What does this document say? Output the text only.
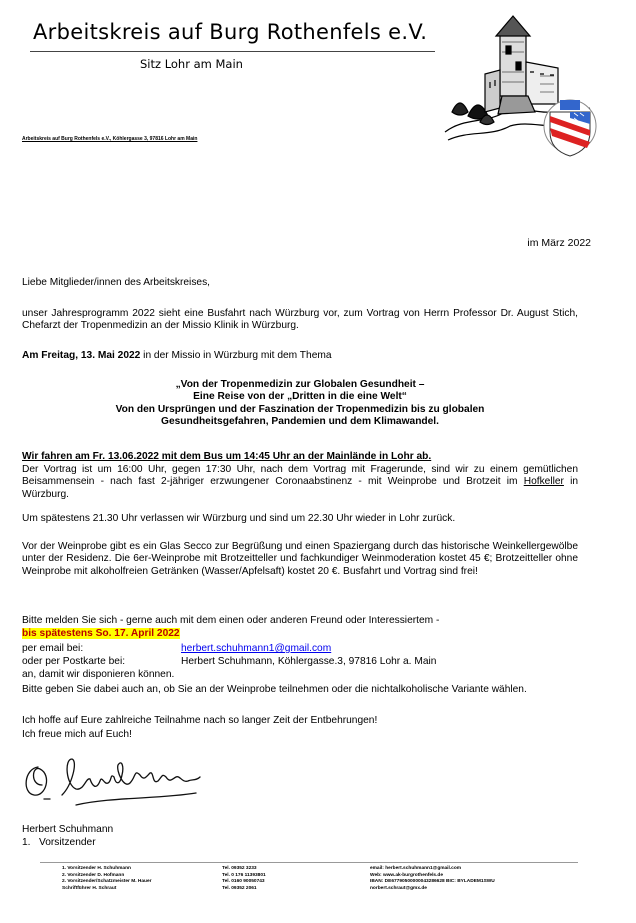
Arbeitskreis auf Burg Rothenfels e.V.
Sitz Lohr am Main
Arbeitskreis auf Burg Rothenfels e.V., Köhlergasse 3, 97816 Lohr am Main
im März 2022
Liebe Mitglieder/innen des Arbeitskreises,
unser Jahresprogramm 2022 sieht eine Busfahrt nach Würzburg vor, zum Vortrag von Herrn Professor Dr. August Stich, Chefarzt der Tropenmedizin an der Missio Klinik in Würzburg.
Am Freitag, 13. Mai 2022 in der Missio in Würzburg mit dem Thema
„Von der Tropenmedizin zur Globalen Gesundheit –
Eine Reise von der „Dritten in die eine Welt“
Von den Ursprüngen und der Faszination der Tropenmedizin bis zu globalen
Gesundheitsgefahren, Pandemien und dem Klimawandel.
Wir fahren am Fr. 13.06.2022 mit dem Bus um 14:45 Uhr an der Mainlände in Lohr ab.
Der Vortrag ist um 16:00 Uhr, gegen 17:30 Uhr, nach dem Vortrag mit Fragerunde, sind wir zu einem gemütlichen Beisammensein - nach fast 2-jähriger erzwungener Coronaabstinenz - mit Weinprobe und Brotzeit im Hofkeller in Würzburg.
Um spätestens 21.30 Uhr verlassen wir Würzburg und sind um 22.30 Uhr wieder in Lohr zurück.
Vor der Weinprobe gibt es ein Glas Secco zur Begrüßung und einen Spaziergang durch das historische Weinkellergewölbe unter der Residenz. Die 6er-Weinprobe mit Brotzeitteller und fachkundiger Weinmoderation kostet 45 €; Brotzeitteller ohne Weinprobe mit alkoholfreien Getränken (Wasser/Apfelsaft) kostet 20 €. Busfahrt und Vortrag sind frei!
Bitte melden Sie sich - gerne auch mit dem einen oder anderen Freund oder Interessiertem -
bis spätestens So. 17. April 2022
per email bei:	herbert.schuhmann1@gmail.com
oder per Postkarte bei:	Herbert Schuhmann, Köhlergasse.3, 97816 Lohr a. Main
an, damit wir disponieren können.
Bitte geben Sie dabei auch an, ob Sie an der Weinprobe teilnehmen oder die nichtalkoholische Variante wählen.
Ich hoffe auf Eure zahlreiche Teilnahme nach so langer Zeit der Entbehrungen!
Ich freue mich auf Euch!
Herbert Schuhmann
1.   Vorsitzender
1. Vorsitzender H. Schuhmann
2. Vorsitzender D. Hofmann
2. Vorsitzender/Schatzmeister M. Hauer
Schriftführer H. Schraut
Tel. 09352 3233
Tel. 0 176 11393801
Tel. 0160 90050743
Tel. 09352 2061
email: herbert.schuhmann1@gmail.com
Web: www.ak-burgrothenfels.de
IBAN: DE67790500000043286628 BIC: BYLADEM1SWU
norbert.schraut@gmx.de
